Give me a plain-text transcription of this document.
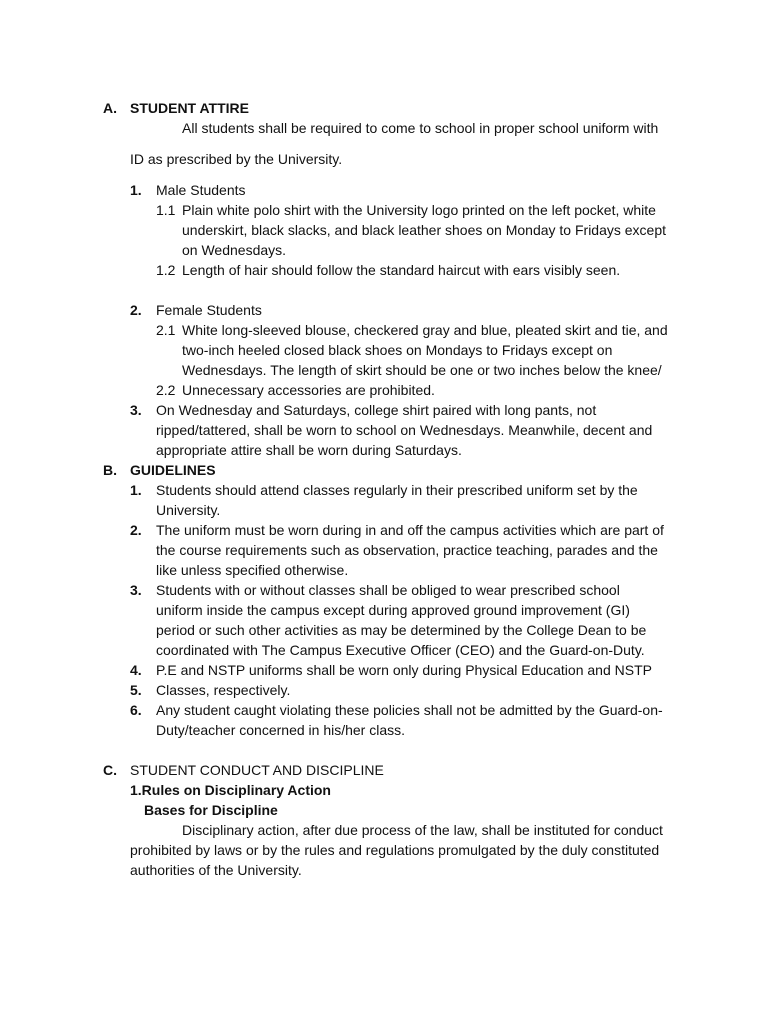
A. STUDENT ATTIRE
All students shall be required to come to school in proper school uniform with
ID as prescribed by the University.
1. Male Students
1.1 Plain white polo shirt with the University logo printed on the left pocket, white
underskirt, black slacks, and black leather shoes on Monday to Fridays except
on Wednesdays.
1.2 Length of hair should follow the standard haircut with ears visibly seen.
2. Female Students
2.1 White long-sleeved blouse, checkered gray and blue, pleated skirt and tie, and
two-inch heeled closed black shoes on Mondays to Fridays except on
Wednesdays. The length of skirt should be one or two inches below the knee/
2.2 Unnecessary accessories are prohibited.
3. On Wednesday and Saturdays, college shirt paired with long pants, not
ripped/tattered, shall be worn to school on Wednesdays. Meanwhile, decent and
appropriate attire shall be worn during Saturdays.
B. GUIDELINES
1. Students should attend classes regularly in their prescribed uniform set by the
University.
2. The uniform must be worn during in and off the campus activities which are part of
the course requirements such as observation, practice teaching, parades and the
like unless specified otherwise.
3. Students with or without classes shall be obliged to wear prescribed school
uniform inside the campus except during approved ground improvement (GI)
period or such other activities as may be determined by the College Dean to be
coordinated with The Campus Executive Officer (CEO) and the Guard-on-Duty.
4. P.E and NSTP uniforms shall be worn only during Physical Education and NSTP
5. Classes, respectively.
6. Any student caught violating these policies shall not be admitted by the Guard-on-
Duty/teacher concerned in his/her class.
C. STUDENT CONDUCT AND DISCIPLINE
1.Rules on Disciplinary Action
Bases for Discipline
Disciplinary action, after due process of the law, shall be instituted for conduct
prohibited by laws or by the rules and regulations promulgated by the duly constituted
authorities of the University.
